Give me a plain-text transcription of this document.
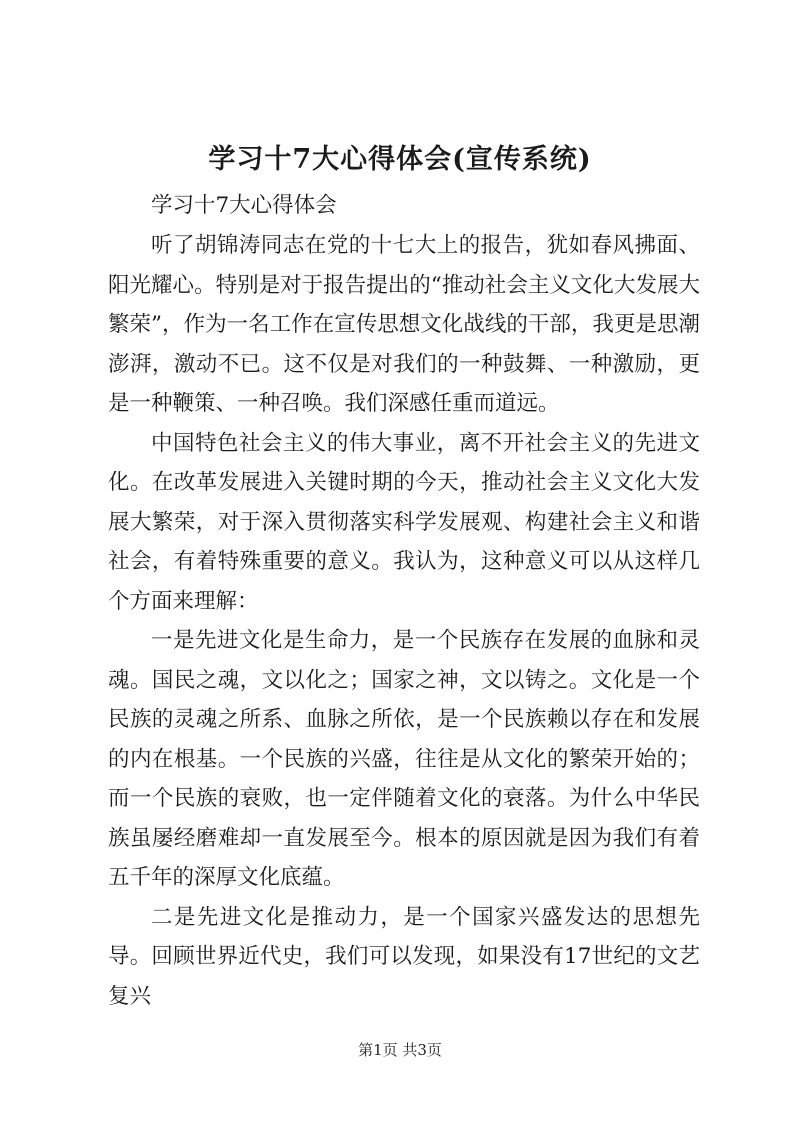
学习十7大心得体会(宣传系统)

学习十7大心得体会

听了胡锦涛同志在党的十七大上的报告，犹如春风拂面、阳光耀心。特别是对于报告提出的“推动社会主义文化大发展大繁荣”，作为一名工作在宣传思想文化战线的干部，我更是思潮澎湃，激动不已。这不仅是对我们的一种鼓舞、一种激励，更是一种鞭策、一种召唤。我们深感任重而道远。

中国特色社会主义的伟大事业，离不开社会主义的先进文化。在改革发展进入关键时期的今天，推动社会主义文化大发展大繁荣，对于深入贯彻落实科学发展观、构建社会主义和谐社会，有着特殊重要的意义。我认为，这种意义可以从这样几个方面来理解：

一是先进文化是生命力，是一个民族存在发展的血脉和灵魂。国民之魂，文以化之；国家之神，文以铸之。文化是一个民族的灵魂之所系、血脉之所依，是一个民族赖以存在和发展的内在根基。一个民族的兴盛，往往是从文化的繁荣开始的；而一个民族的衰败，也一定伴随着文化的衰落。为什么中华民族虽屡经磨难却一直发展至今。根本的原因就是因为我们有着五千年的深厚文化底蕴。

二是先进文化是推动力，是一个国家兴盛发达的思想先导。回顾世界近代史，我们可以发现，如果没有17世纪的文艺复兴

第1页 共3页
